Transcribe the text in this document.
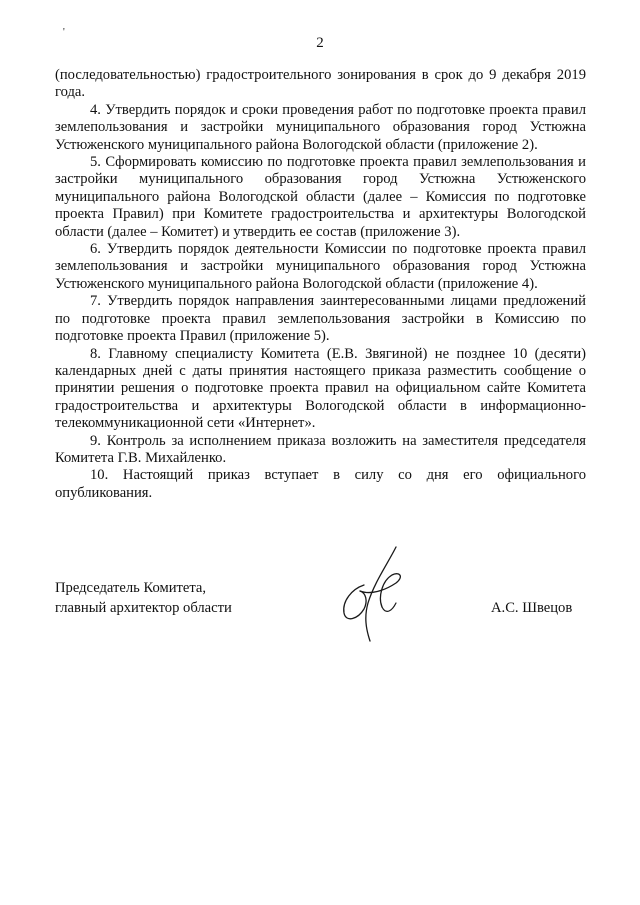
'
2

(последовательностью) градостроительного зонирования в срок до 9 декабря 2019 года.

4. Утвердить порядок и сроки проведения работ по подготовке проекта правил землепользования и застройки муниципального образования город Устюжна Устюженского муниципального района Вологодской области (приложение 2).

5. Сформировать комиссию по подготовке проекта правил землепользования и застройки муниципального образования город Устюжна Устюженского муниципального района Вологодской области (далее – Комиссия по подготовке проекта Правил) при Комитете градостроительства и архитектуры Вологодской области (далее – Комитет) и утвердить ее состав (приложение 3).

6. Утвердить порядок деятельности Комиссии по подготовке проекта правил землепользования и застройки муниципального образования город Устюжна Устюженского муниципального района Вологодской области (приложение 4).

7. Утвердить порядок направления заинтересованными лицами предложений по подготовке проекта правил землепользования застройки в Комиссию по подготовке проекта Правил (приложение 5).

8. Главному специалисту Комитета (Е.В. Звягиной) не позднее 10 (десяти) календарных дней с даты принятия настоящего приказа разместить сообщение о принятии решения о подготовке проекта правил на официальном сайте Комитета градостроительства и архитектуры Вологодской области в информационно-телекоммуникационной сети «Интернет».

9. Контроль за исполнением приказа возложить на заместителя председателя Комитета Г.В. Михайленко.

10. Настоящий приказ вступает в силу со дня его официального опубликования.

Председатель Комитета,
главный архитектор области	А.С. Швецов
